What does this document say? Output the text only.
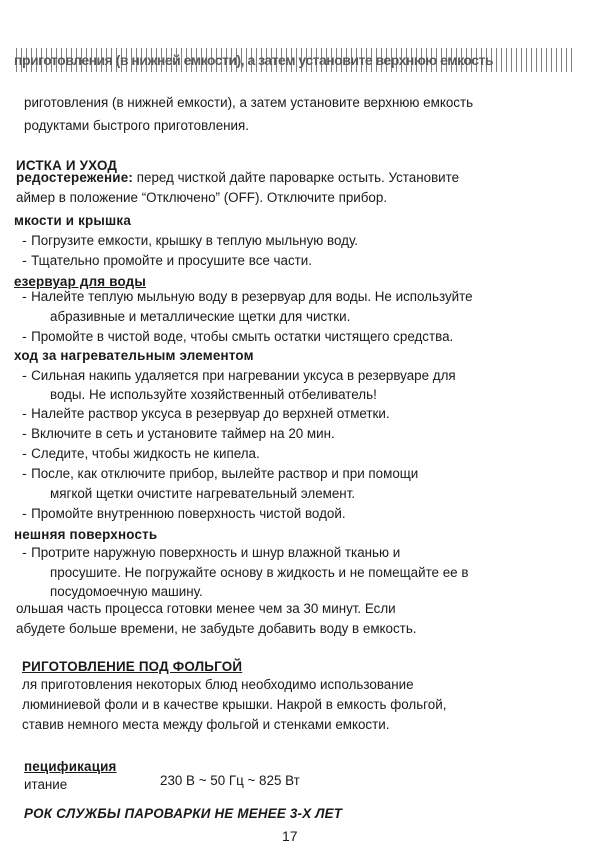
приготовления (в нижней емкости), а затем установите верхнюю емкость
риготовления (в нижней емкости), а затем установите верхнюю емкость
родуктами быстрого приготовления.
ИСТКА И УХОД
редостережение: перед чисткой дайте пароварке остыть. Установите
аймер в положение “Отключено” (OFF). Отключите прибор.
мкости и крышка
- Погрузите емкости, крышку в теплую мыльную воду.
- Тщательно промойте и просушите все части.
езервуар для воды
- Налейте теплую мыльную воду в резервуар для воды. Не используйте
абразивные и металлические щетки для чистки.
- Промойте в чистой воде, чтобы смыть остатки чистящего средства.
ход за нагревательным элементом
- Сильная накипь удаляется при нагревании уксуса в резервуаре для
воды. Не используйте хозяйственный отбеливатель!
- Налейте раствор уксуса в резервуар до верхней отметки.
- Включите в сеть и установите таймер на 20 мин.
- Следите, чтобы жидкость не кипела.
- После, как отключите прибор, вылейте раствор и при помощи
мягкой щетки очистите нагревательный элемент.
- Промойте внутреннюю поверхность чистой водой.
нешняя поверхность
- Протрите наружную поверхность и шнур влажной тканью и
просушите. Не погружайте основу в жидкость и не помещайте ее в
посудомоечную машину.
ольшая часть процесса готовки менее чем за 30 минут. Если
абудете больше времени, не забудьте добавить воду в емкость.
РИГОТОВЛЕНИЕ ПОД ФОЛЬГОЙ
ля приготовления некоторых блюд необходимо использование
люминиевой фоли и в качестве крышки. Накрой в емкость фольгой,
ставив немного места между фольгой и стенками емкости.
пецификация
итание	230 В ~ 50 Гц ~ 825 Вт
РОК СЛУЖБЫ ПАРОВАРКИ НЕ МЕНЕЕ 3-Х ЛЕТ
17
